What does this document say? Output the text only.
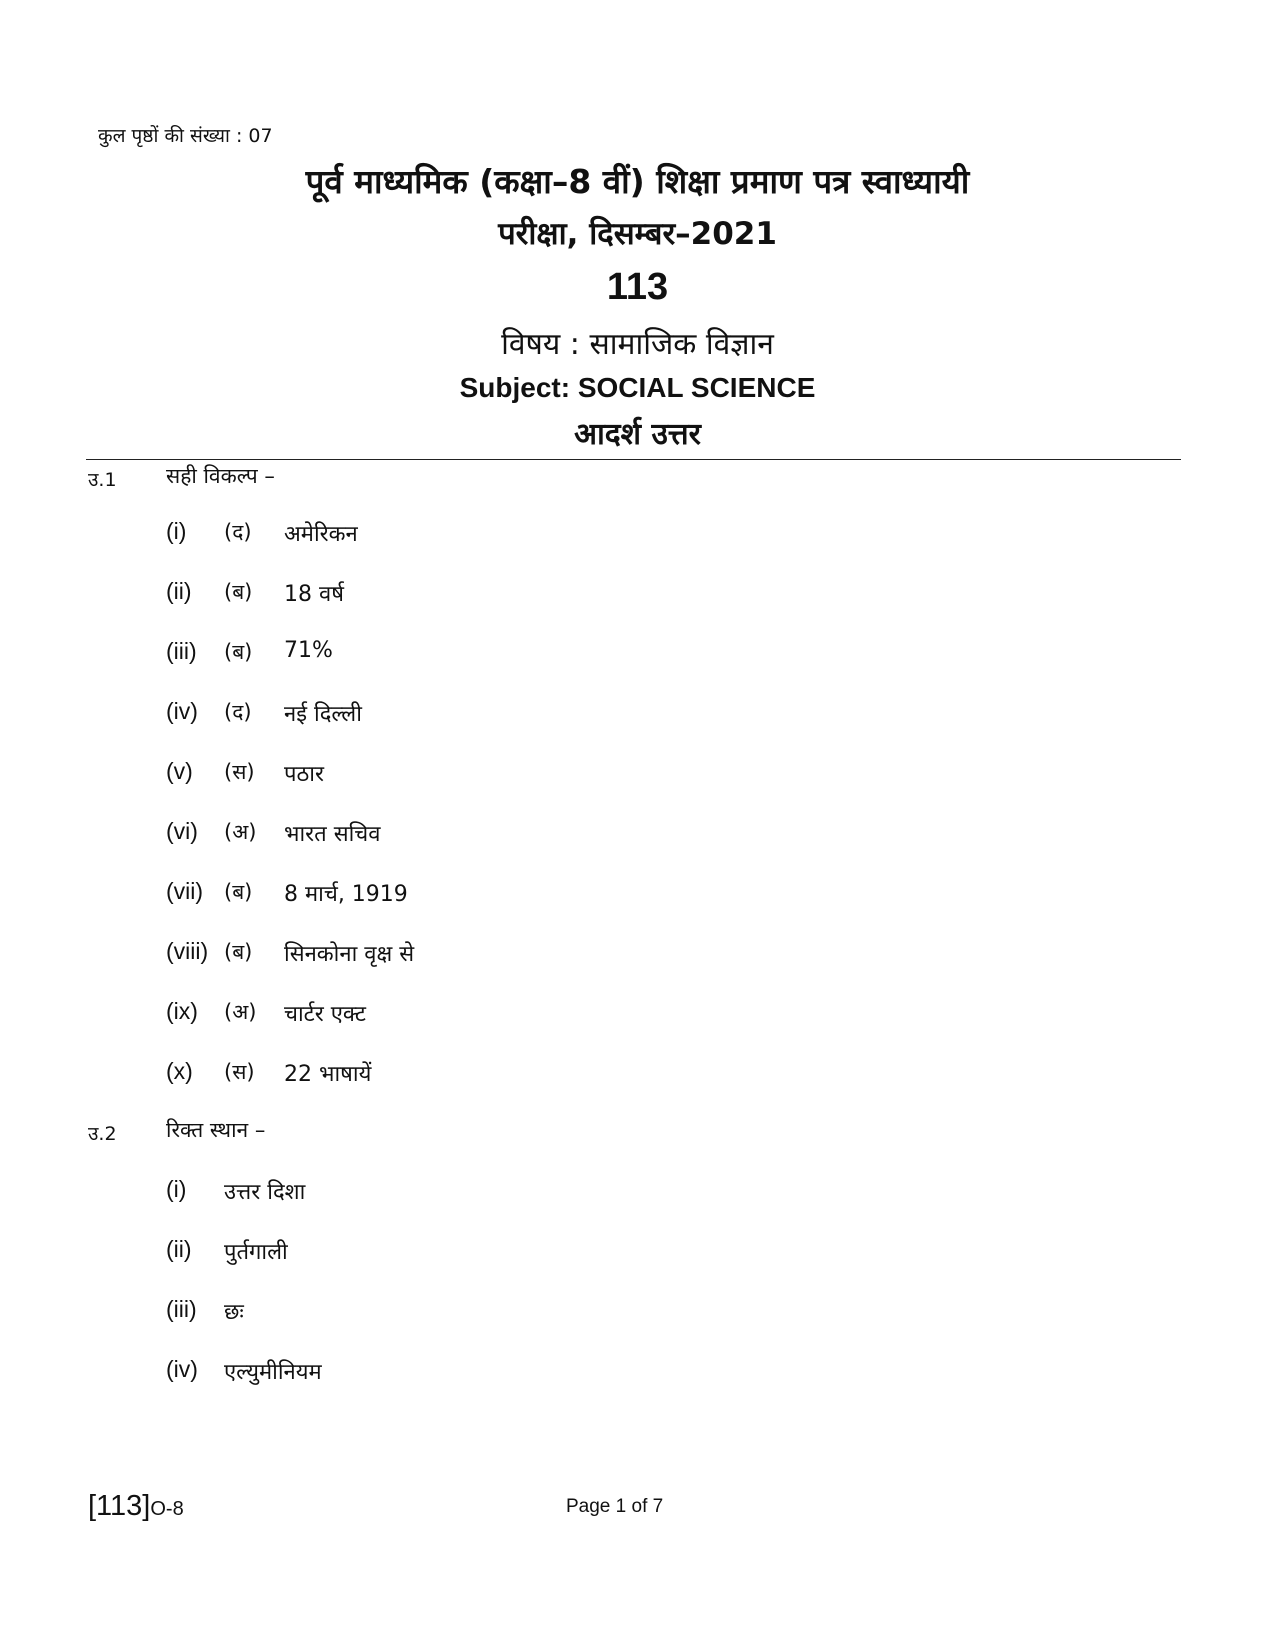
कुल पृष्ठों की संख्या : 07
पूर्व माध्यमिक (कक्षा–8 वीं) शिक्षा प्रमाण पत्र स्वाध्यायी
परीक्षा, दिसम्बर–2021
113
विषय : सामाजिक विज्ञान
Subject: SOCIAL SCIENCE
आदर्श उत्तर
उ.1 सही विकल्प –
(i) (द) अमेरिकन
(ii) (ब) 18 वर्ष
(iii) (ब) 71%
(iv) (द) नई दिल्ली
(v) (स) पठार
(vi) (अ) भारत सचिव
(vii) (ब) 8 मार्च, 1919
(viii) (ब) सिनकोना वृक्ष से
(ix) (अ) चार्टर एक्ट
(x) (स) 22 भाषायें
उ.2 रिक्त स्थान –
(i) उत्तर दिशा
(ii) पुर्तगाली
(iii) छः
(iv) एल्युमीनियम
[113]O-8	Page 1 of 7
